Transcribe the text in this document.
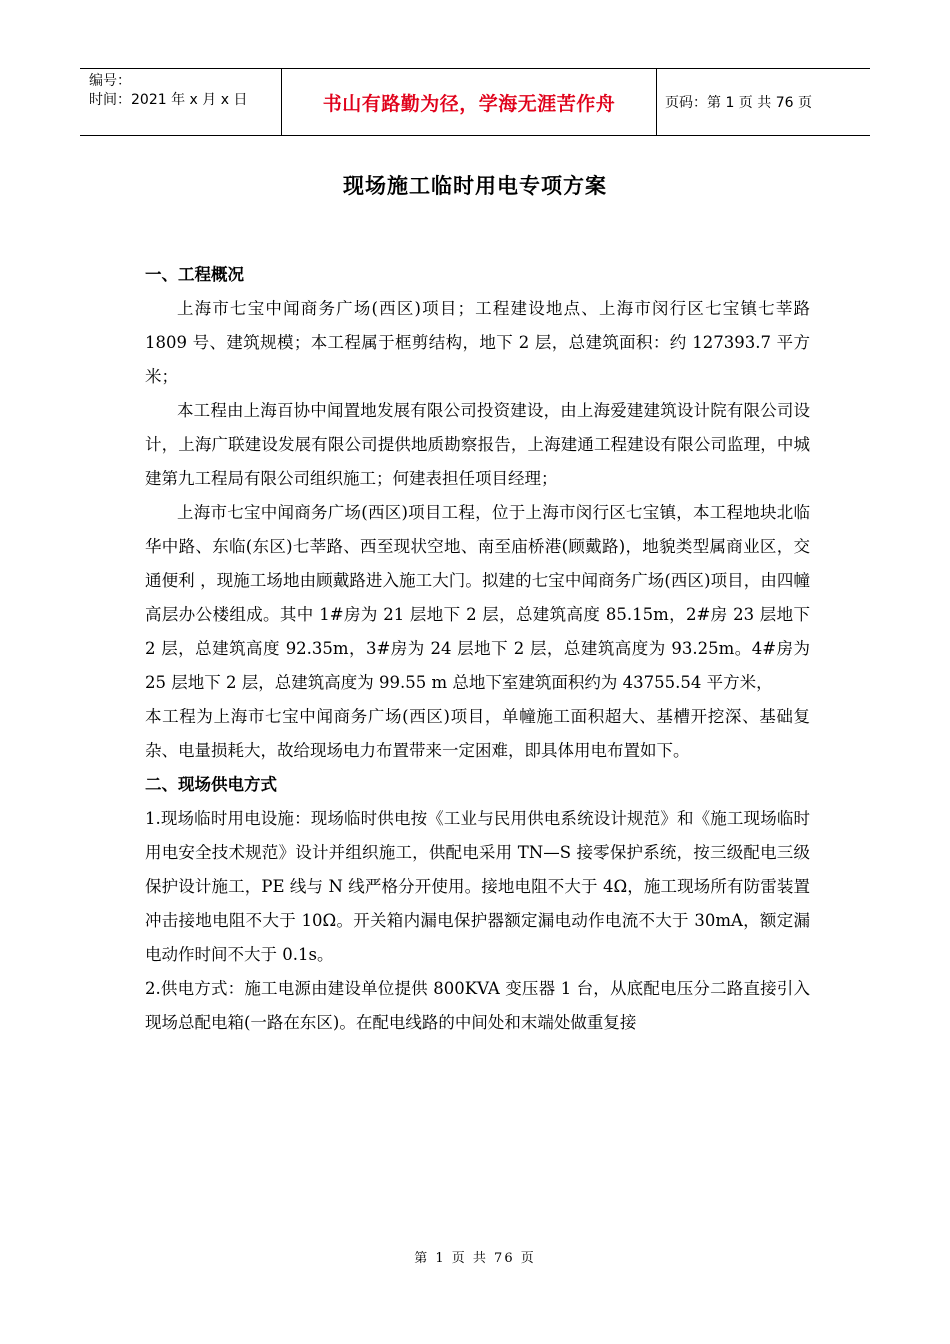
编号：
时间：2021 年 x 月 x 日	书山有路勤为径，学海无涯苦作舟	页码：第 1 页 共 76 页
现场施工临时用电专项方案
一、工程概况
上海市七宝中闻商务广场(西区)项目；工程建设地点、上海市闵行区七宝镇七莘路 1809 号、建筑规模；本工程属于框剪结构，地下 2 层，总建筑面积：约 127393.7 平方米；
本工程由上海百协中闻置地发展有限公司投资建设，由上海爱建建筑设计院有限公司设计，上海广联建设发展有限公司提供地质勘察报告，上海建通工程建设有限公司监理，中城建第九工程局有限公司组织施工；何建表担任项目经理；
上海市七宝中闻商务广场(西区)项目工程，位于上海市闵行区七宝镇，本工程地块北临华中路、东临(东区)七莘路、西至现状空地、南至庙桥港(顾戴路)，地貌类型属商业区，交通便利 ，现施工场地由顾戴路进入施工大门。拟建的七宝中闻商务广场(西区)项目，由四幢高层办公楼组成。其中 1#房为 21 层地下 2 层，总建筑高度 85.15m，2#房 23 层地下 2 层，总建筑高度 92.35m，3#房为 24 层地下 2 层，总建筑高度为 93.25m。4#房为 25 层地下 2 层，总建筑高度为 99.55 m 总地下室建筑面积约为 43755.54 平方米，
本工程为上海市七宝中闻商务广场(西区)项目，单幢施工面积超大、基槽开挖深、基础复杂、电量损耗大，故给现场电力布置带来一定困难，即具体用电布置如下。
二、现场供电方式
1.现场临时用电设施：现场临时供电按《工业与民用供电系统设计规范》和《施工现场临时用电安全技术规范》设计并组织施工，供配电采用 TN—S 接零保护系统，按三级配电三级保护设计施工，PE 线与 N 线严格分开使用。接地电阻不大于 4Ω，施工现场所有防雷装置冲击接地电阻不大于 10Ω。开关箱内漏电保护器额定漏电动作电流不大于 30mA，额定漏电动作时间不大于 0.1s。
2.供电方式：施工电源由建设单位提供 800KVA 变压器 1 台，从底配电压分二路直接引入现场总配电箱(一路在东区)。在配电线路的中间处和末端处做重复接
第 1 页 共 76 页
